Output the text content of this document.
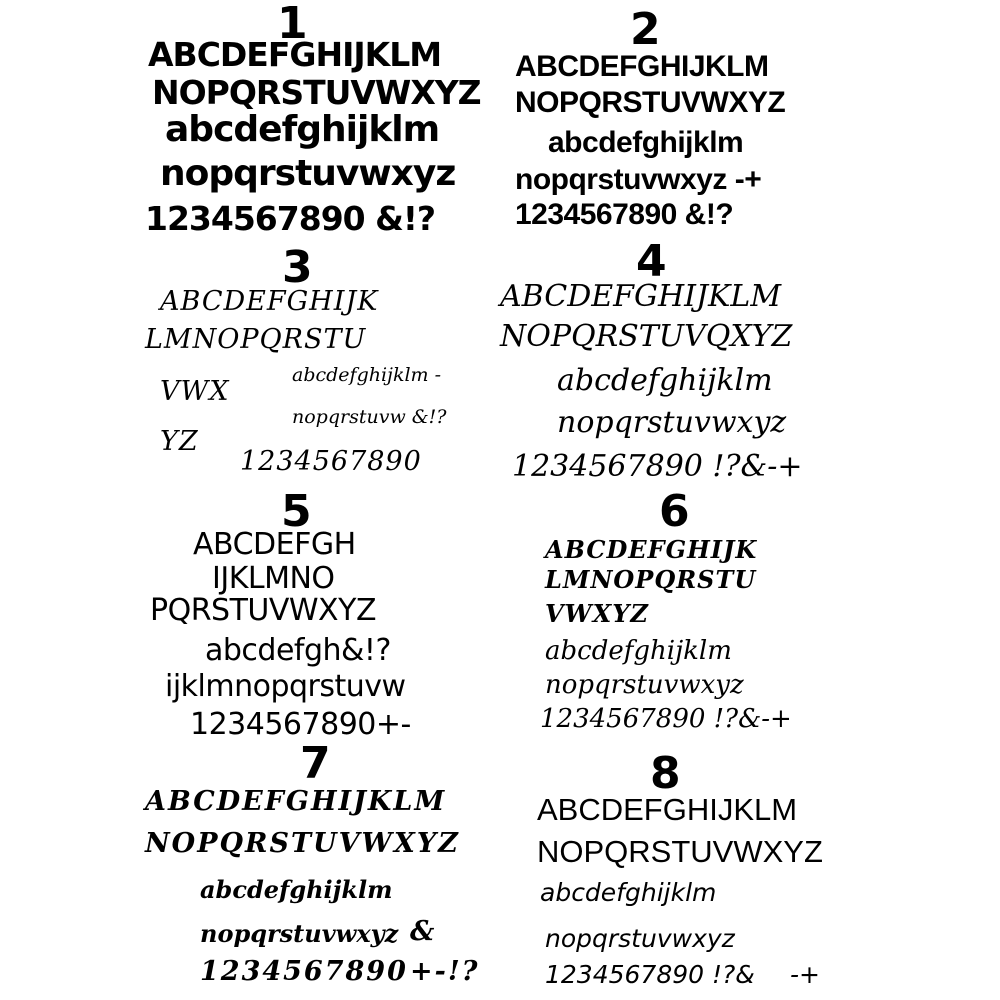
1
ABCDEFGHIJKLM
NOPQRSTUVWXYZ
abcdefghijklm
nopqrstuvwxyz
1234567890 &!?
2
ABCDEFGHIJKLM
NOPQRSTUVWXYZ
abcdefghijklm
nopqrstuvwxyz -+
1234567890 &!?
3
ABCDEFGHIJK
LMNOPQRSTU
VWX
abcdefghijklm -
nopqrstuvw &!?
YZ
1234567890
4
ABCDEFGHIJKLM
NOPQRSTUVQXYZ
abcdefghijklm
nopqrstuvwxyz
1234567890 !?&-+
5
ABCDEFGH
IJKLMNO
PQRSTUVWXYZ
abcdefgh&!?
ijklmnopqrstuvw
1234567890+-
6
ABCDEFGHIJK
LMNOPQRSTU
VWXYZ
abcdefghijklm
nopqrstuvwxyz
1234567890 !?&-+
7
ABCDEFGHIJKLM
NOPQRSTUVWXYZ
abcdefghijklm
nopqrstuvwxyz &
1234567890 +-!?
8
ABCDEFGHIJKLM
NOPQRSTUVWXYZ
abcdefghijklm
nopqrstuvwxyz
1234567890 !?& -+
